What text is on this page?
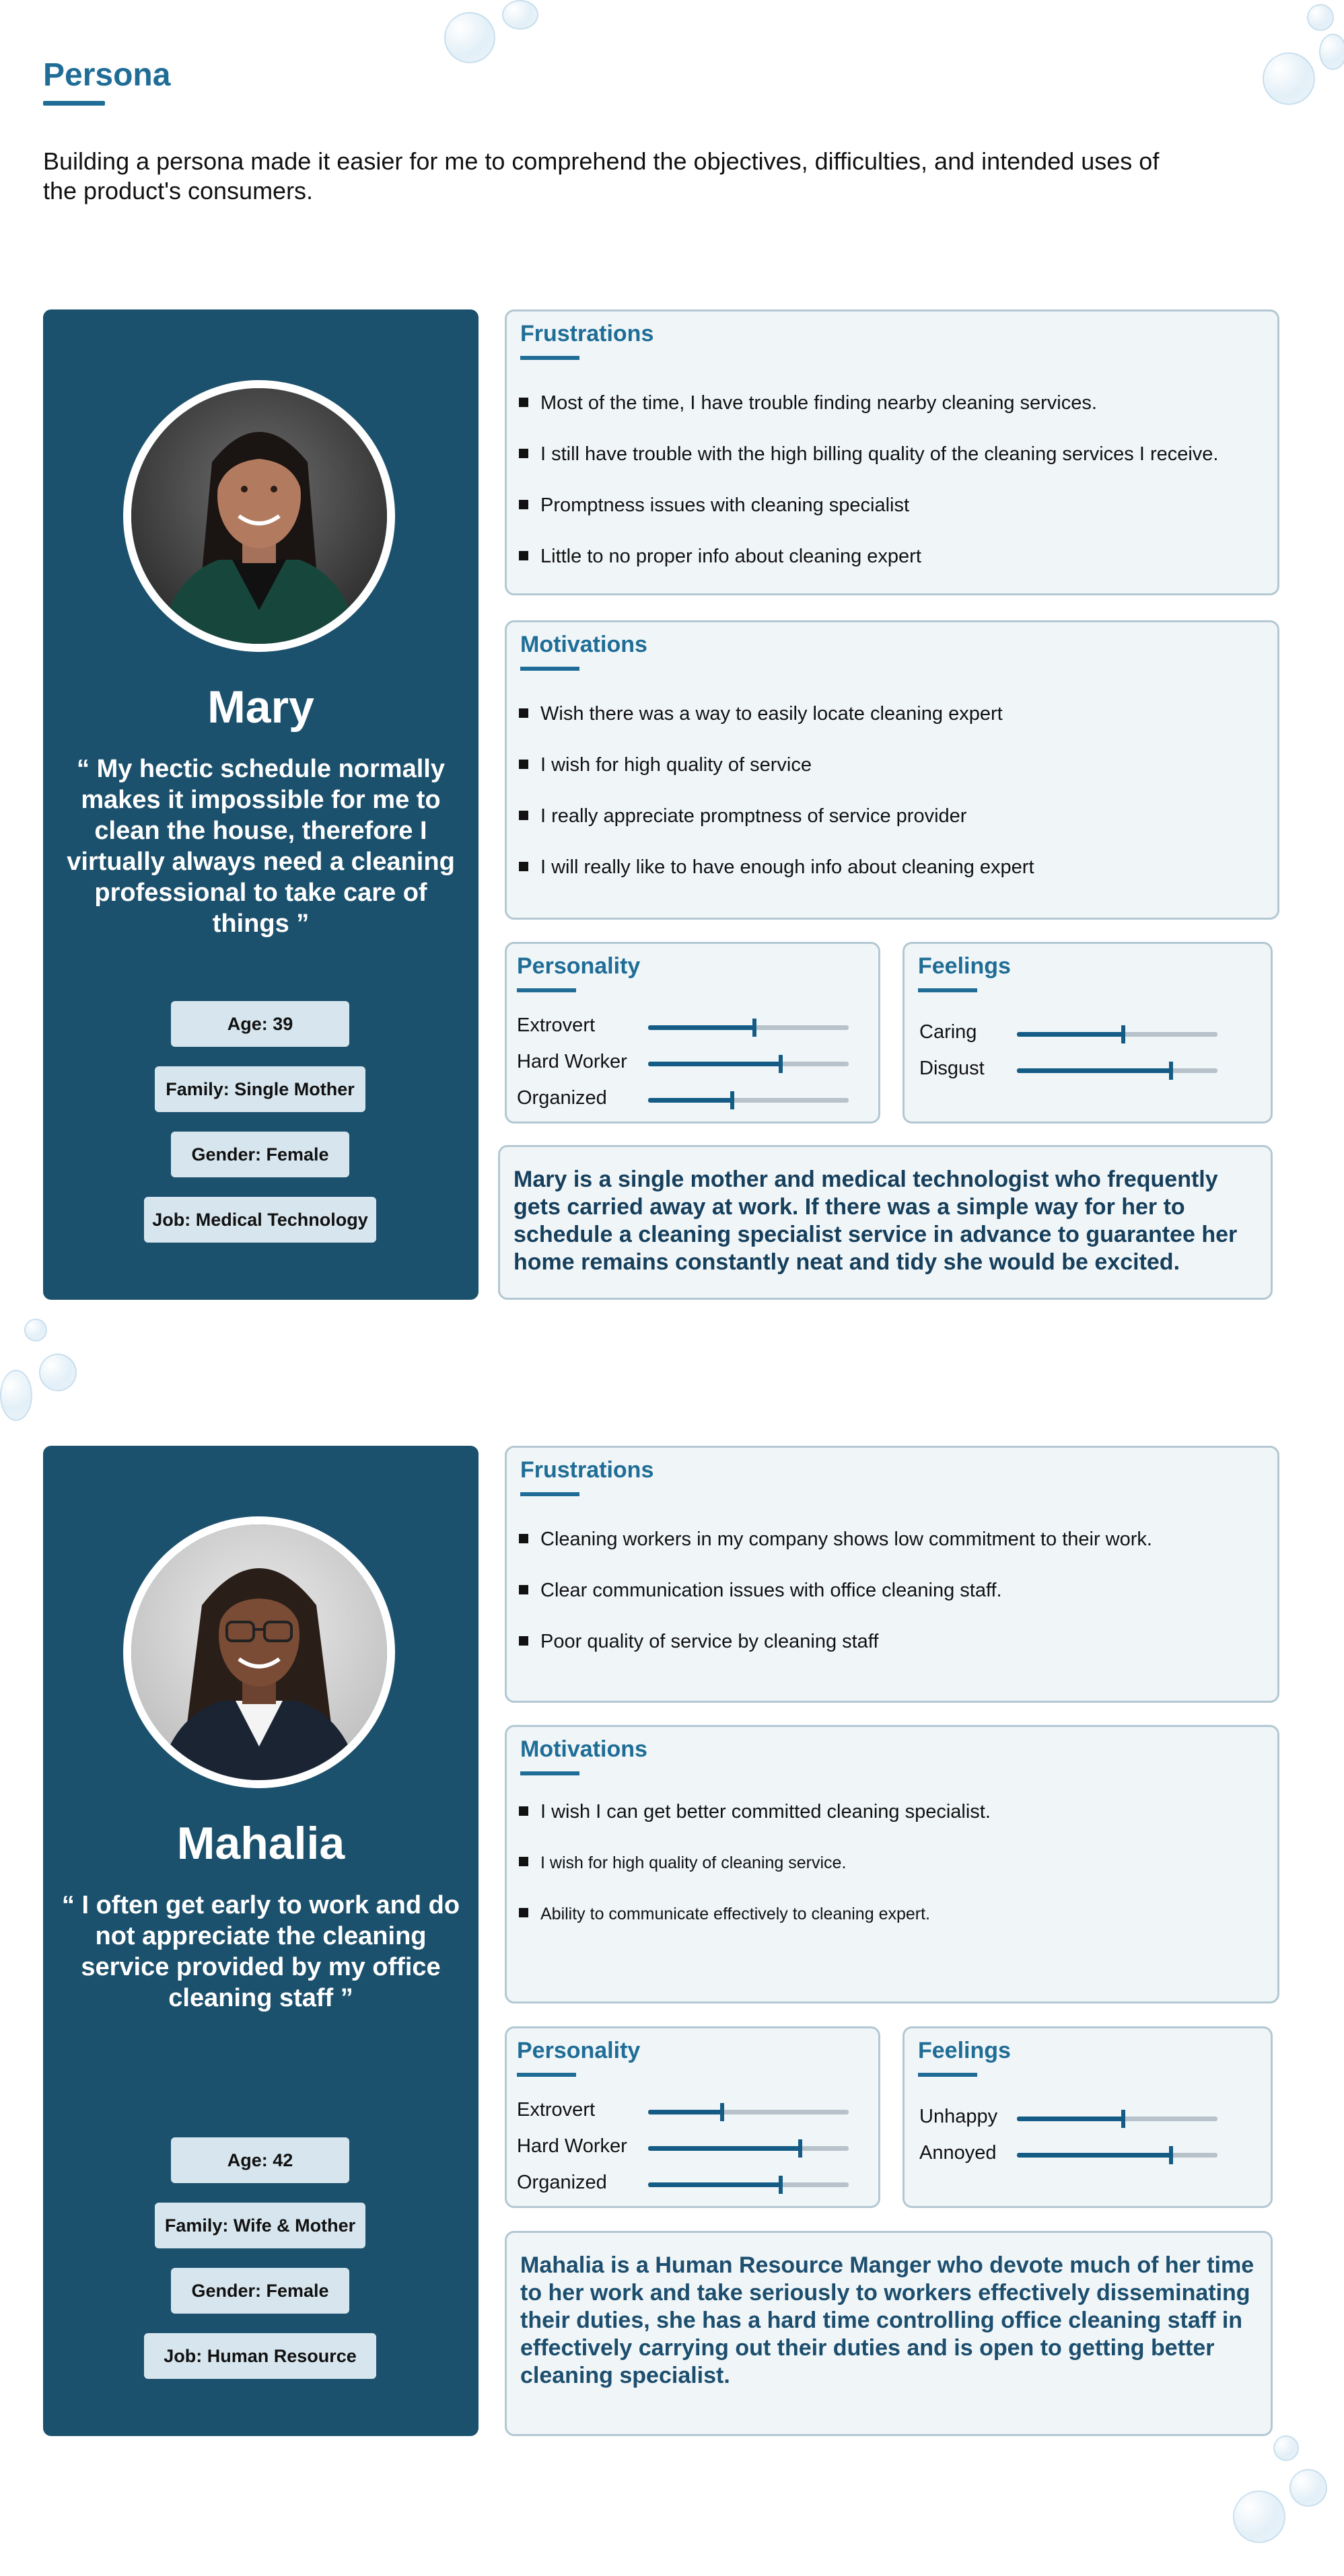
Persona
Building a persona made it easier for me to comprehend the objectives, difficulties, and intended uses of the product's consumers.
Mary
“ My hectic schedule normally makes it impossible for me to clean the house, therefore I virtually always need a cleaning professional to take care of things ”
Age: 39
Family: Single Mother
Gender: Female
Job: Medical Technology
Frustrations
Most of the time, I have trouble finding nearby cleaning services.
I still have trouble with the high billing quality of the cleaning services I receive.
Promptness issues with cleaning specialist
Little to no proper info about cleaning expert
Motivations
Wish there was a way to easily locate cleaning expert
I wish for high quality of service
I really appreciate promptness of service provider
I will really like to have enough info about cleaning expert
Personality
Extrovert
Hard Worker
Organized
Feelings
Caring
Disgust
Mary is a single mother and medical technologist who frequently gets carried away at work. If there was a simple way for her to schedule a cleaning specialist service in advance to guarantee her home remains constantly neat and tidy she would be excited.
Mahalia
“ I often get early to work and do not appreciate the cleaning service provided by my office cleaning staff ”
Age: 42
Family: Wife & Mother
Gender: Female
Job: Human Resource
Frustrations
Cleaning workers in my company shows low commitment to their work.
Clear communication issues with office cleaning staff.
Poor quality of service by cleaning staff
Motivations
I wish I can get better committed cleaning specialist.
I wish for high quality of cleaning service.
Ability to communicate effectively to cleaning expert.
Personality
Extrovert
Hard Worker
Organized
Feelings
Unhappy
Annoyed
Mahalia is a Human Resource Manger who devote much of her time to her work and take seriously to workers effectively disseminating their duties, she has a hard time controlling office cleaning staff in effectively carrying out their duties and is open to getting better cleaning specialist.
